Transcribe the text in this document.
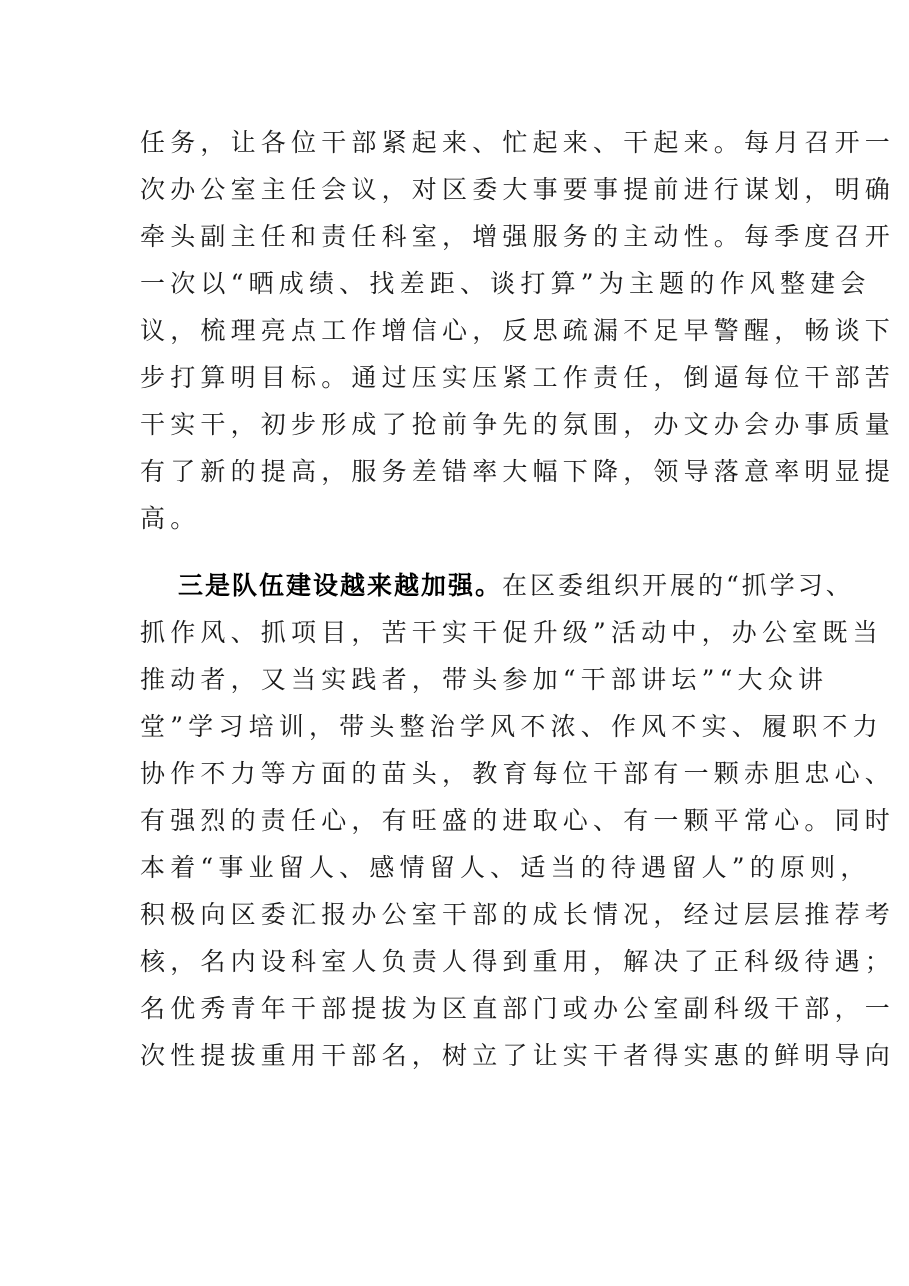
任务，让各位干部紧起来、忙起来、干起来。每月召开一
次办公室主任会议，对区委大事要事提前进行谋划，明确
牵头副主任和责任科室，增强服务的主动性。每季度召开
一次以“晒成绩、找差距、谈打算”为主题的作风整建会
议，梳理亮点工作增信心，反思疏漏不足早警醒，畅谈下
步打算明目标。通过压实压紧工作责任，倒逼每位干部苦
干实干，初步形成了抢前争先的氛围，办文办会办事质量
有了新的提高，服务差错率大幅下降，领导落意率明显提
高。
三是队伍建设越来越加强。在区委组织开展的“抓学习、
抓作风、抓项目，苦干实干促升级”活动中，办公室既当
推动者，又当实践者，带头参加“干部讲坛”“大众讲
堂”学习培训，带头整治学风不浓、作风不实、履职不力
协作不力等方面的苗头，教育每位干部有一颗赤胆忠心、
有强烈的责任心，有旺盛的进取心、有一颗平常心。同时
本着“事业留人、感情留人、适当的待遇留人”的原则，
积极向区委汇报办公室干部的成长情况，经过层层推荐考
核，名内设科室人负责人得到重用，解决了正科级待遇；
名优秀青年干部提拔为区直部门或办公室副科级干部，一
次性提拔重用干部名，树立了让实干者得实惠的鲜明导向
